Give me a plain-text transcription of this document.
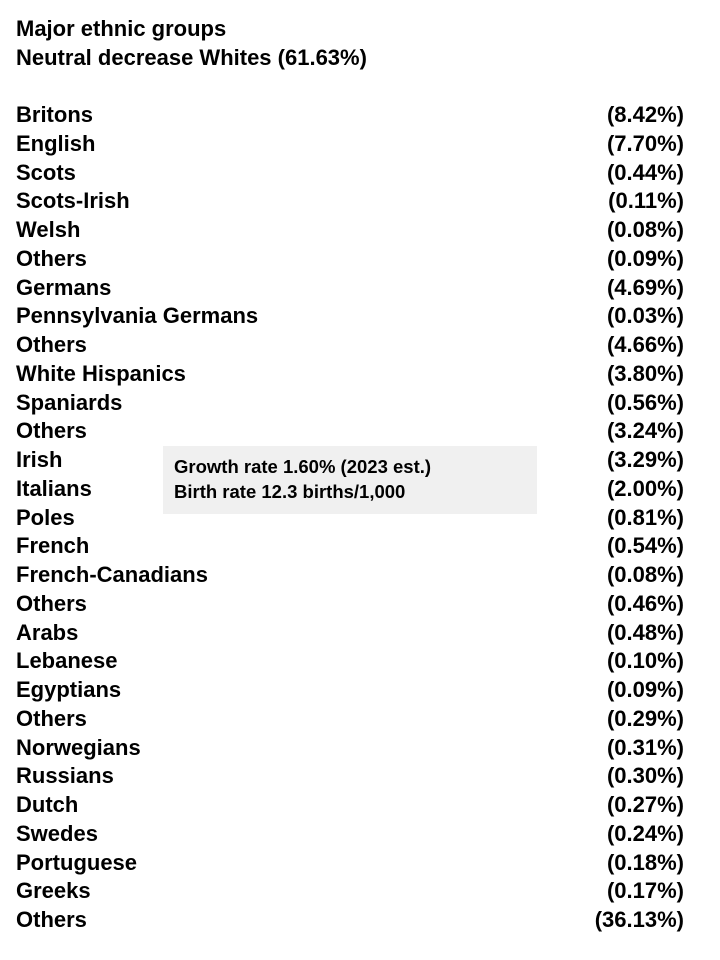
Major ethnic groups
Neutral decrease Whites (61.63%)
Britons	(8.42%)
English	(7.70%)
Scots	(0.44%)
Scots-Irish	(0.11%)
Welsh	(0.08%)
Others	(0.09%)
Germans	(4.69%)
Pennsylvania Germans	(0.03%)
Others	(4.66%)
White Hispanics	(3.80%)
Spaniards	(0.56%)
Others	(3.24%)
Irish	(3.29%)
Italians	(2.00%)
Poles	(0.81%)
French	(0.54%)
French-Canadians	(0.08%)
Others	(0.46%)
Arabs	(0.48%)
Lebanese	(0.10%)
Egyptians	(0.09%)
Others	(0.29%)
Norwegians	(0.31%)
Russians	(0.30%)
Dutch	(0.27%)
Swedes	(0.24%)
Portuguese	(0.18%)
Greeks	(0.17%)
Others	(36.13%)
Growth rate 1.60% (2023 est.)
Birth rate 12.3 births/1,000
